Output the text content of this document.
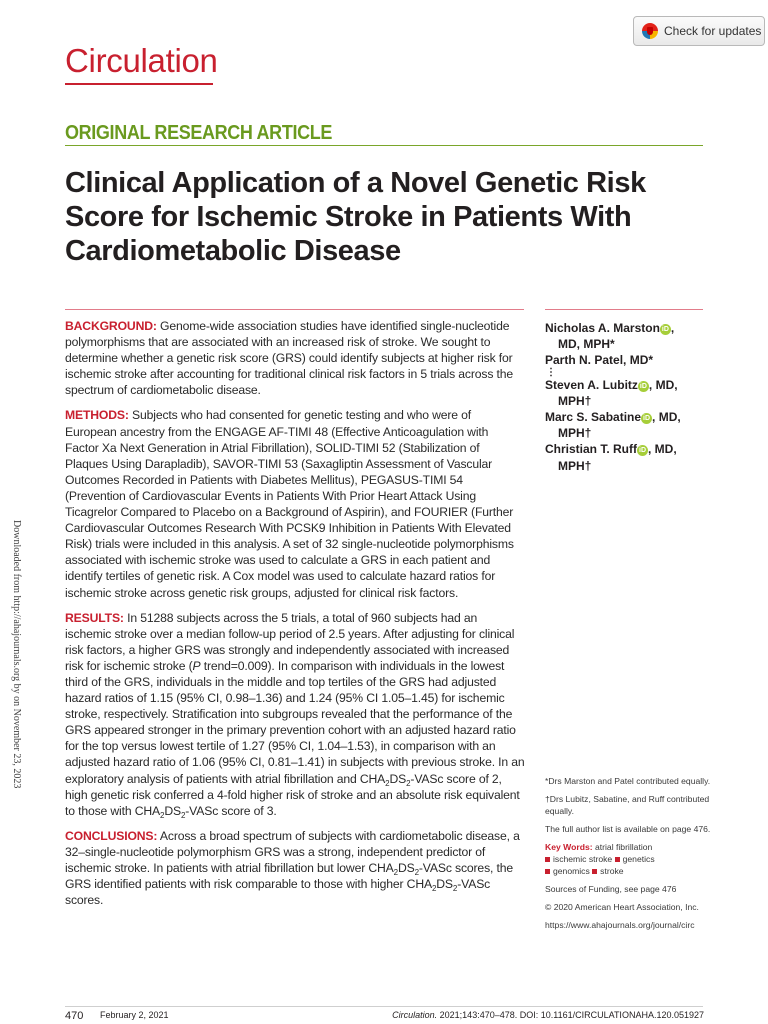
Circulation
Check for updates
ORIGINAL RESEARCH ARTICLE
Clinical Application of a Novel Genetic Risk Score for Ischemic Stroke in Patients With Cardiometabolic Disease

BACKGROUND: Genome-wide association studies have identified single-nucleotide polymorphisms that are associated with an increased risk of stroke. We sought to determine whether a genetic risk score (GRS) could identify subjects at higher risk for ischemic stroke after accounting for traditional clinical risk factors in 5 trials across the spectrum of cardiometabolic disease.

METHODS: Subjects who had consented for genetic testing and who were of European ancestry from the ENGAGE AF-TIMI 48 (Effective Anticoagulation with Factor Xa Next Generation in Atrial Fibrillation), SOLID-TIMI 52 (Stabilization of Plaques Using Darapladib), SAVOR-TIMI 53 (Saxagliptin Assessment of Vascular Outcomes Recorded in Patients with Diabetes Mellitus), PEGASUS-TIMI 54 (Prevention of Cardiovascular Events in Patients With Prior Heart Attack Using Ticagrelor Compared to Placebo on a Background of Aspirin), and FOURIER (Further Cardiovascular Outcomes Research With PCSK9 Inhibition in Patients With Elevated Risk) trials were included in this analysis. A set of 32 single-nucleotide polymorphisms associated with ischemic stroke was used to calculate a GRS in each patient and identify tertiles of genetic risk. A Cox model was used to calculate hazard ratios for ischemic stroke across genetic risk groups, adjusted for clinical risk factors.

RESULTS: In 51288 subjects across the 5 trials, a total of 960 subjects had an ischemic stroke over a median follow-up period of 2.5 years. After adjusting for clinical risk factors, a higher GRS was strongly and independently associated with increased risk for ischemic stroke (P trend=0.009). In comparison with individuals in the lowest third of the GRS, individuals in the middle and top tertiles of the GRS had adjusted hazard ratios of 1.15 (95% CI, 0.98–1.36) and 1.24 (95% CI 1.05–1.45) for ischemic stroke, respectively. Stratification into subgroups revealed that the performance of the GRS appeared stronger in the primary prevention cohort with an adjusted hazard ratio for the top versus lowest tertile of 1.27 (95% CI, 1.04–1.53), in comparison with an adjusted hazard ratio of 1.06 (95% CI, 0.81–1.41) in subjects with previous stroke. In an exploratory analysis of patients with atrial fibrillation and $CHA_2DS_2$-VASc score of 2, high genetic risk conferred a 4-fold higher risk of stroke and an absolute risk equivalent to those with $CHA_2DS_2$-VASc score of 3.

CONCLUSIONS: Across a broad spectrum of subjects with cardiometabolic disease, a 32–single-nucleotide polymorphism GRS was a strong, independent predictor of ischemic stroke. In patients with atrial fibrillation but lower $CHA_2DS_2$-VASc scores, the GRS identified patients with risk comparable to those with higher $CHA_2DS_2$-VASc scores.

Nicholas A. Marston iD ,
MD, MPH*
Parth N. Patel, MD*
⋮
Steven A. Lubitz iD , MD,
MPH†
Marc S. Sabatine iD , MD,
MPH†
Christian T. Ruff iD , MD,
MPH†

*Drs Marston and Patel contributed equally.

†Drs Lubitz, Sabatine, and Ruff contributed equally.

The full author list is available on page 476.

Key Words: atrial fibrillation
ischemic stroke genetics
genomics stroke

Sources of Funding, see page 476

© 2020 American Heart Association, Inc.

https://www.ahajournals.org/journal/circ

Downloaded from http://ahajournals.org by on November 23, 2023
470 February 2, 2021	Circulation. 2021;143:470–478. DOI: 10.1161/CIRCULATIONAHA.120.051927
